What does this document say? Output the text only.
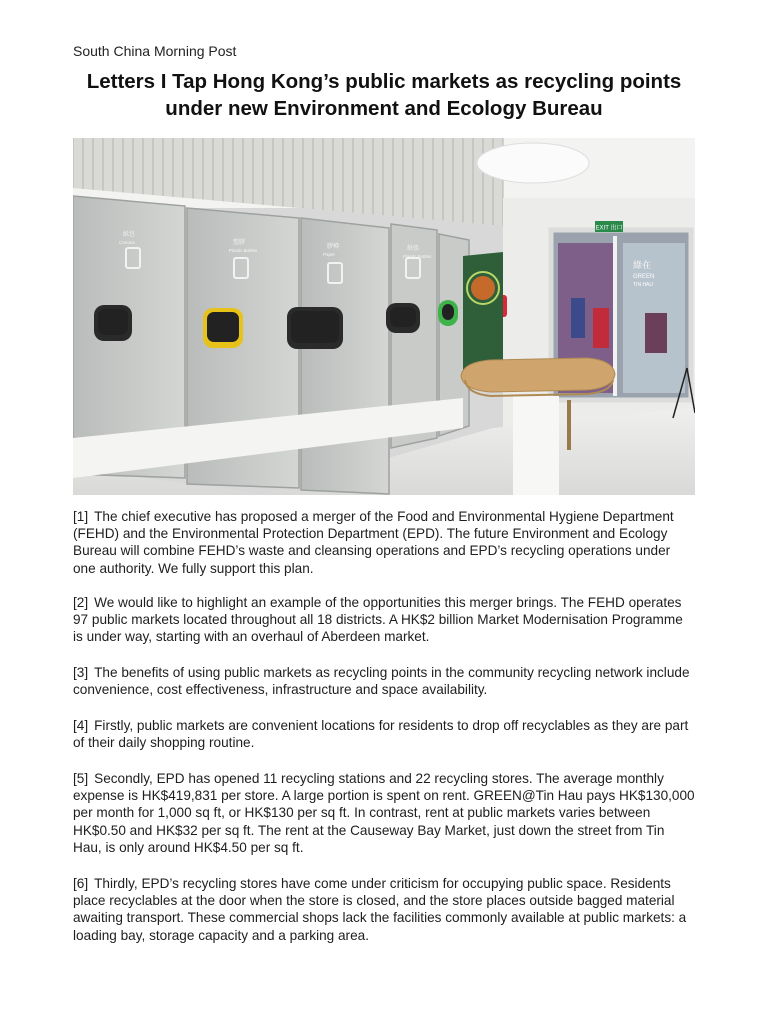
South China Morning Post
Letters I Tap Hong Kong’s public markets as recycling points under new Environment and Ecology Bureau
EXIT 出口
紙包
Cartons	塑膠
Plastic Bottles
膠樽
Paper
紙張
Plastic Bottles
綠在
GREEN
TIN HAU

[1] The chief executive has proposed a merger of the Food and Environmental Hygiene Department (FEHD) and the Environmental Protection Department (EPD). The future Environment and Ecology Bureau will combine FEHD’s waste and cleansing operations and EPD’s recycling operations under one authority. We fully support this plan.

[2] We would like to highlight an example of the opportunities this merger brings. The FEHD operates 97 public markets located throughout all 18 districts. A HK$2 billion Market Modernisation Programme is under way, starting with an overhaul of Aberdeen market.

[3] The benefits of using public markets as recycling points in the community recycling network include convenience, cost effectiveness, infrastructure and space availability.

[4] Firstly, public markets are convenient locations for residents to drop off recyclables as they are part of their daily shopping routine.

[5] Secondly, EPD has opened 11 recycling stations and 22 recycling stores. The average monthly expense is HK$419,831 per store. A large portion is spent on rent. GREEN@Tin Hau pays HK$130,000 per month for 1,000 sq ft, or HK$130 per sq ft. In contrast, rent at public markets varies between HK$0.50 and HK$32 per sq ft. The rent at the Causeway Bay Market, just down the street from Tin Hau, is only around HK$4.50 per sq ft.

[6] Thirdly, EPD’s recycling stores have come under criticism for occupying public space. Residents place recyclables at the door when the store is closed, and the store places outside bagged material awaiting transport. These commercial shops lack the facilities commonly available at public markets: a loading bay, storage capacity and a parking area.
